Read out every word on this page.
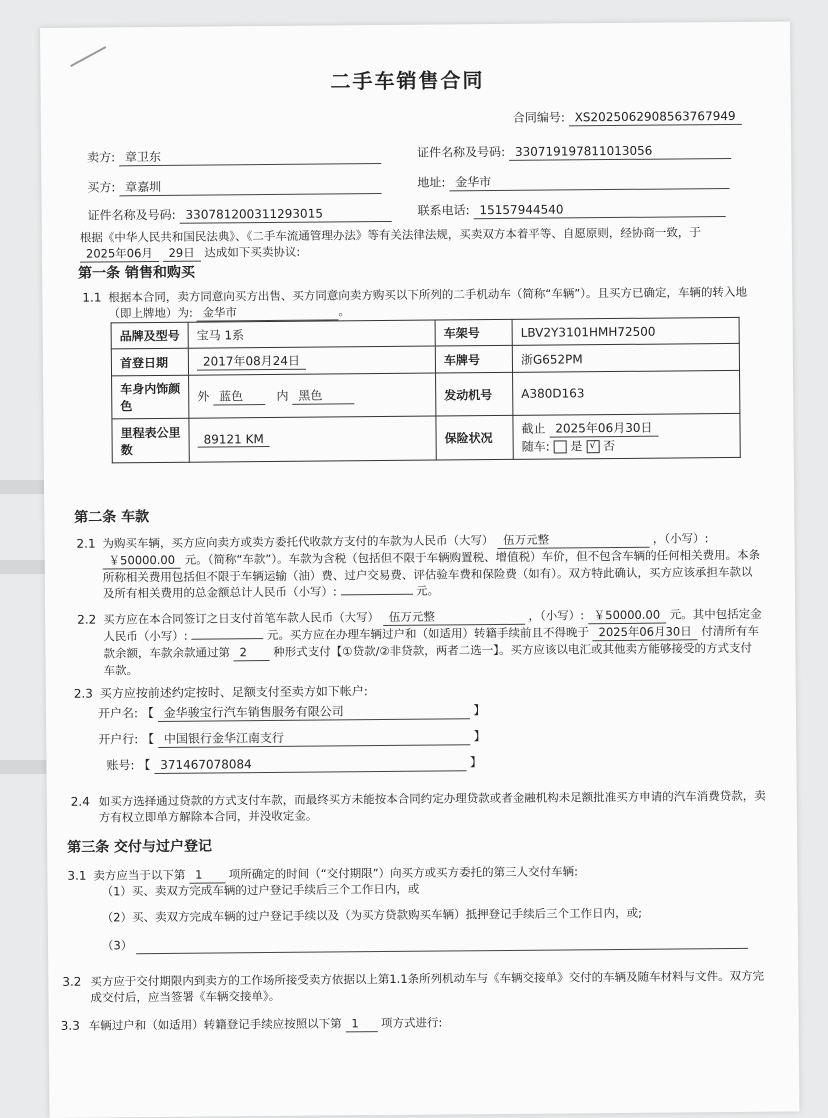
二手车销售合同
合同编号: XS2025062908563767949
卖方: 章卫东	证件名称及号码: 330719197811013056
买方: 章嘉圳	地址: 金华市
证件名称及号码: 330781200311293015	联系电话: 15157944540
根据《中华人民共和国民法典》、《二手车流通管理办法》等有关法律法规，买卖双方本着平等、自愿原则，经协商一致，于 2025年06月 29日 达成如下买卖协议:
第一条 销售和购买
1.1 根据本合同，卖方同意向买方出售、买方同意向卖方购买以下所列的二手机动车（简称“车辆”）。且买方已确定，车辆的转入地（即上牌地）为: 金华市	。
品牌及型号	宝马 1系	车架号	LBV2Y3101HMH72500
首登日期	2017年08月24日	车牌号	浙G652PM
车身内饰颜色	外 蓝色 内 黑色	发动机号	A380D163
里程表公里数	89121 KM	保险状况	截止 2025年06月30日
随车: 是 √ 否
第二条 车款
2.1 为购买车辆，买方应向卖方或卖方委托代收款方支付的车款为人民币（大写） 伍万元整	，（小写）: ￥50000.00 元。（简称“车款”）。车款为含税（包括但不限于车辆购置税、增值税）车价，但不包含车辆的任何相关费用。本条所称相关费用包括但不限于车辆运输（油）费、过户交易费、评估验车费和保险费（如有）。双方特此确认，买方应该承担车款以及所有相关费用的总金额总计人民币（小写）:	元。
2.2 买方应在本合同签订之日支付首笔车款人民币（大写） 伍万元整	，（小写）: ￥50000.00 元。其中包括定金人民币（小写）:	元。买方应在办理车辆过户和（如适用）转籍手续前且不得晚于 2025年06月30日 付清所有车款余额，车款余款通过第 2 种形式支付【①贷款/②非贷款，两者二选一】。买方应该以电汇或其他卖方能够接受的方式支付车款。
2.3 买方应按前述约定按时、足额支付至卖方如下帐户:
开户名: 【 金华骏宝行汽车销售服务有限公司	】
开户行: 【 中国银行金华江南支行	】
账号: 【 371467078084	】
2.4 如买方选择通过贷款的方式支付车款，而最终买方未能按本合同约定办理贷款或者金融机构未足额批准买方申请的汽车消费贷款，卖方有权立即单方解除本合同，并没收定金。
第三条 交付与过户登记
3.1 卖方应当于以下第 1 项所确定的时间（“交付期限”）向买方或买方委托的第三人交付车辆:
（1）买、卖双方完成车辆的过户登记手续后三个工作日内，或
（2）买、卖双方完成车辆的过户登记手续以及（为买方贷款购买车辆）抵押登记手续后三个工作日内，或;
（3）
3.2 买方应于交付期限内到卖方的工作场所接受卖方依据以上第1.1条所列机动车与《车辆交接单》交付的车辆及随车材料与文件。双方完成交付后，应当签署《车辆交接单》。
3.3 车辆过户和（如适用）转籍登记手续应按照以下第 1 项方式进行:
